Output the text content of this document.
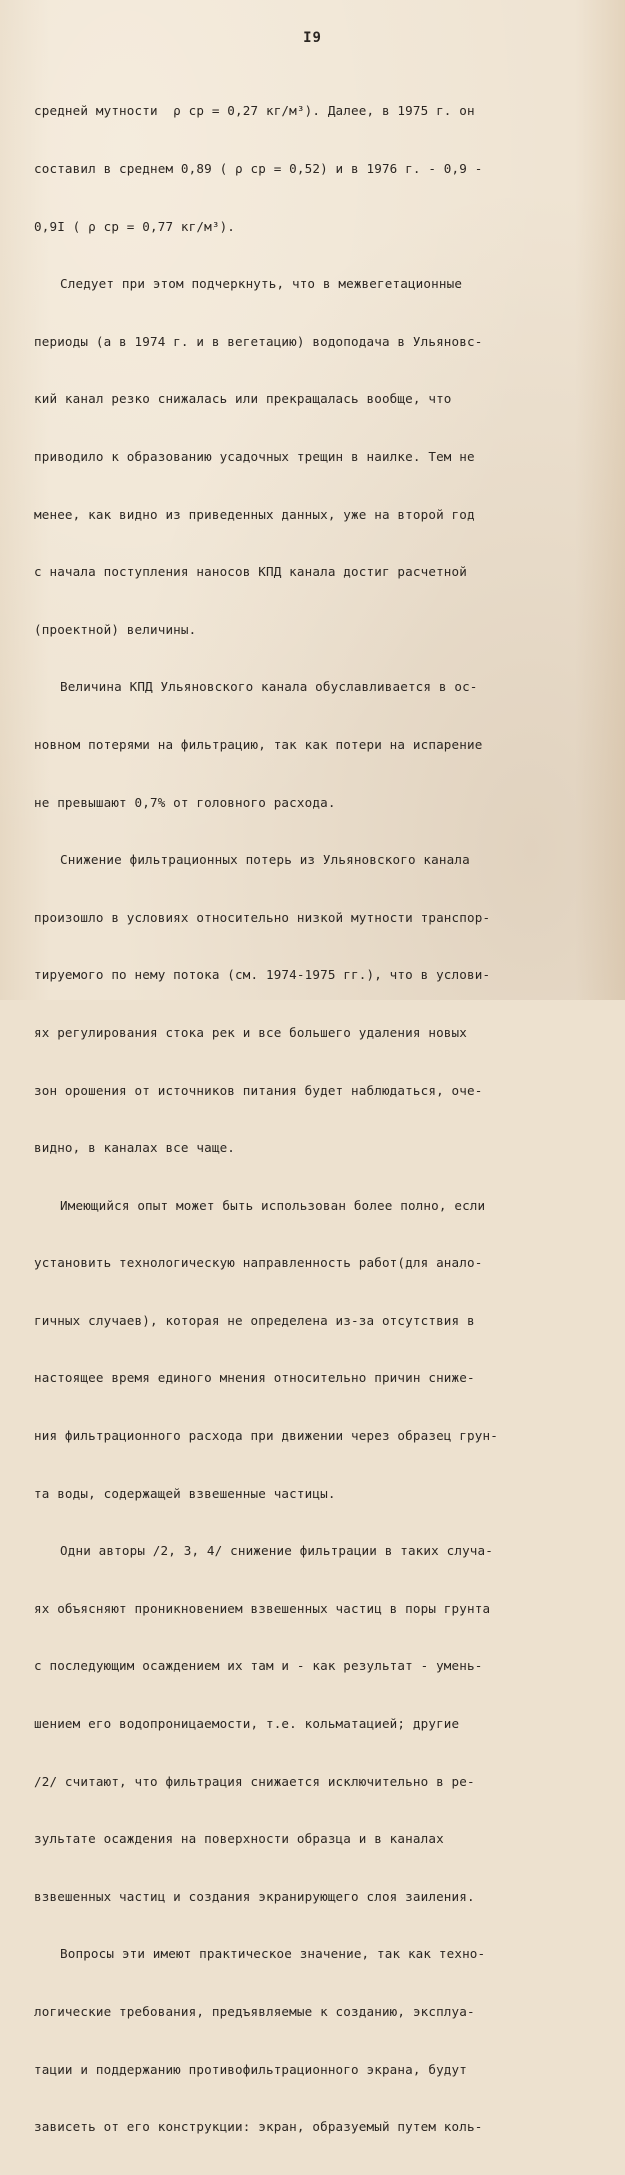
I9

средней мутности  ρ ср = 0,27 кг/м³). Далее, в 1975 г. он

составил в среднем 0,89 ( ρ ср = 0,52) и в 1976 г. - 0,9 -

0,9I ( ρ ср = 0,77 кг/м³).

Следует при этом подчеркнуть, что в межвегетационные

периоды (а в 1974 г. и в вегетацию) водоподача в Ульяновс-

кий канал резко снижалась или прекращалась вообще, что

приводило к образованию усадочных трещин в наилке. Тем не

менее, как видно из приведенных данных, уже на второй год

с начала поступления наносов КПД канала достиг расчетной

(проектной) величины.

Величина КПД Ульяновского канала обуславливается в ос-

новном потерями на фильтрацию, так как потери на испарение

не превышают 0,7% от головного расхода.

Снижение фильтрационных потерь из Ульяновского канала

произошло в условиях относительно низкой мутности транспор-

тируемого по нему потока (см. 1974-1975 гг.), что в услови-

ях регулирования стока рек и все большего удаления новых

зон орошения от источников питания будет наблюдаться, оче-

видно, в каналах все чаще.

Имеющийся опыт может быть использован более полно, если

установить технологическую направленность работ(для анало-

гичных случаев), которая не определена из-за отсутствия в

настоящее время единого мнения относительно причин сниже-

ния фильтрационного расхода при движении через образец грун-

та воды, содержащей взвешенные частицы.

Одни авторы /2, 3, 4/ снижение фильтрации в таких случа-

ях объясняют проникновением взвешенных частиц в поры грунта

с последующим осаждением их там и - как результат - умень-

шением его водопроницаемости, т.е. кольматацией; другие

/2/ считают, что фильтрация снижается исключительно в ре-

зультате осаждения на поверхности образца и в каналах

взвешенных частиц и создания экранирующего слоя заиления.

Вопросы эти имеют практическое значение, так как техно-

логические требования, предъявляемые к созданию, эксплуа-

тации и поддержанию противофильтрационного экрана, будут

зависеть от его конструкции: экран, образуемый путем коль-
